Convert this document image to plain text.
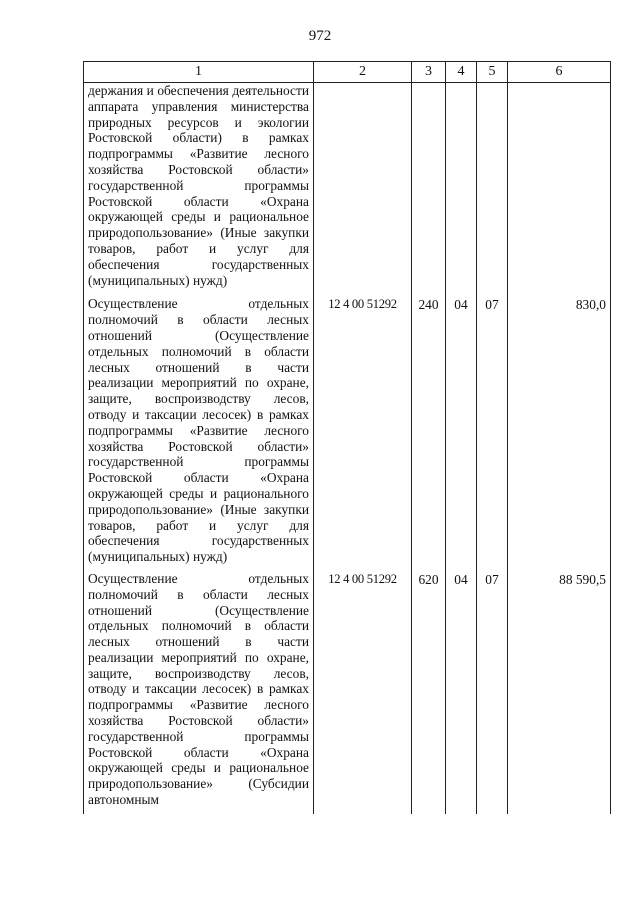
972
1	2	3	4	5	6
держания и обеспечения деятельности аппарата управления министерства природных ресурсов и экологии Ростовской области) в рамках подпрограммы «Развитие лесного хозяйства Ростовской области» государственной программы Ростовской области «Охрана окружающей среды и рациональное природопользование» (Иные закупки товаров, работ и услуг для обеспечения государственных (муниципальных) нужд)					
Осуществление отдельных полномочий в области лесных отношений (Осуществление отдельных полномочий в области лесных отношений в части реализации мероприятий по охране, защите, воспроизводству лесов, отводу и таксации лесосек) в рамках подпрограммы «Развитие лесного хозяйства Ростовской области» государственной программы Ростовской области «Охрана окружающей среды и рационального природопользование» (Иные закупки товаров, работ и услуг для обеспечения государственных (муниципальных) нужд)	12 4 00 51292	240	04	07	830,0
Осуществление отдельных полномочий в области лесных отношений (Осуществление отдельных полномочий в области лесных отношений в части реализации мероприятий по охране, защите, воспроизводству лесов, отводу и таксации лесосек) в рамках подпрограммы «Развитие лесного хозяйства Ростовской области» государственной программы Ростовской области «Охрана окружающей среды и рациональное природопользование» (Субсидии автономным	12 4 00 51292	620	04	07	88 590,5
